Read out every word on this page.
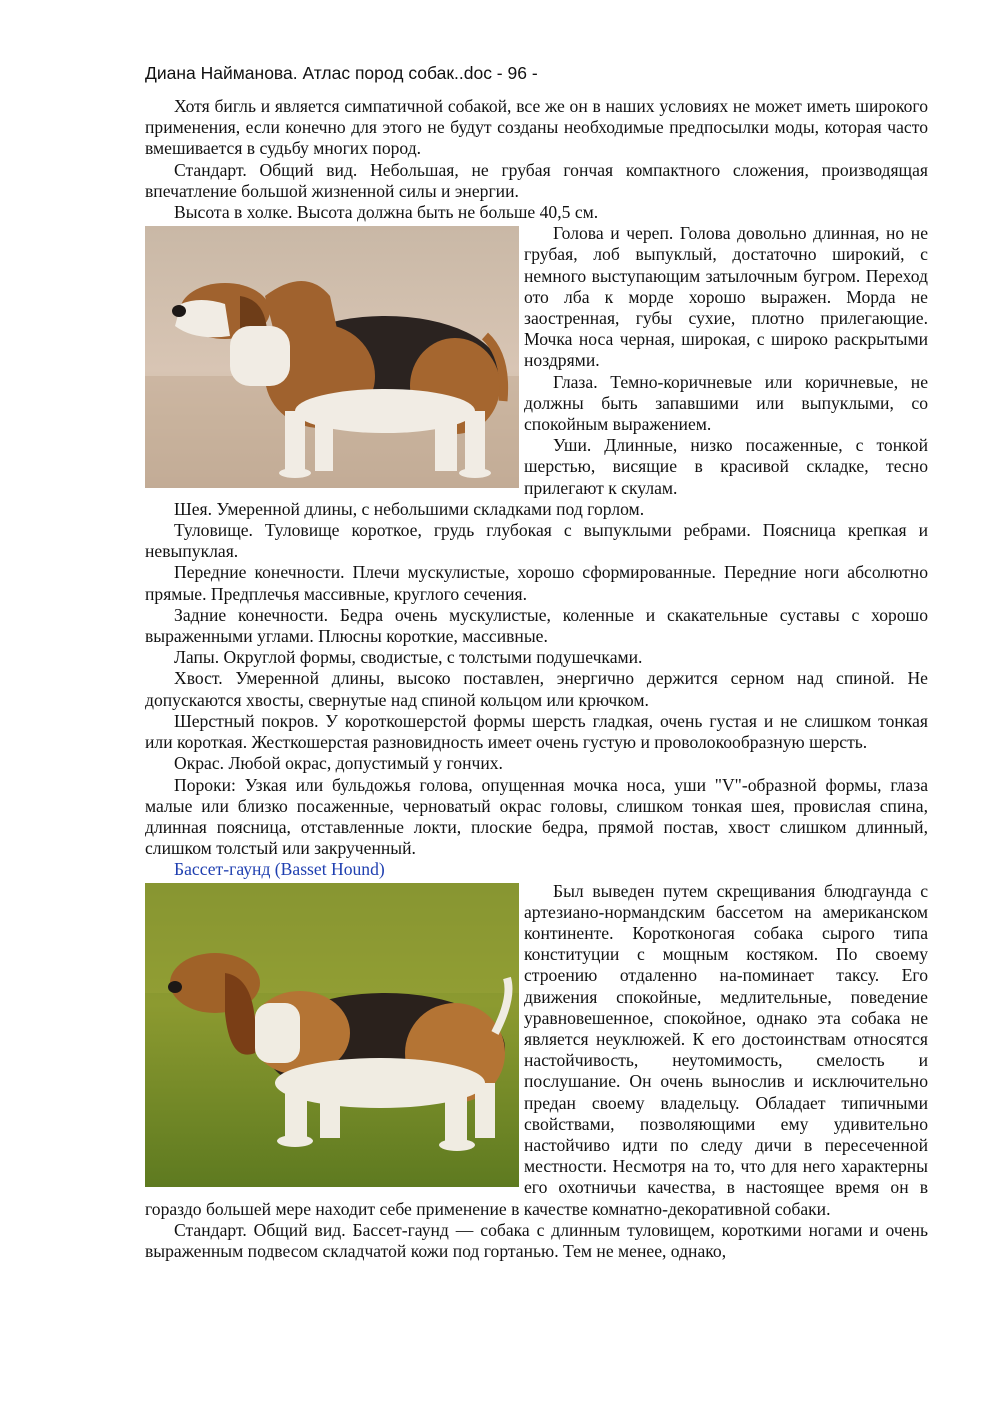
Диана Найманова. Атлас пород собак..doc - 96 -

Хотя бигль и является симпатичной собакой, все же он в наших условиях не может иметь широкого применения, если конечно для этого не будут созданы необходимые предпосылки моды, которая часто вмешивается в судьбу многих пород.

Стандарт. Общий вид. Небольшая, не грубая гончая компактного сложения, производящая впечатление большой жизненной силы и энергии.

Высота в холке. Высота должна быть не больше 40,5 см.

Голова и череп. Голова довольно длинная, но не грубая, лоб выпуклый, достаточно широкий, с немного выступающим затылочным бугром. Переход ото лба к морде хорошо выражен. Морда не заостренная, губы сухие, плотно прилегающие. Мочка носа черная, широкая, с широко раскрытыми ноздрями.

Глаза. Темно-коричневые или коричневые, не должны быть запавшими или выпуклыми, со спокойным выражением.

Уши. Длинные, низко посаженные, с тонкой шерстью, висящие в красивой складке, тесно прилегают к скулам.

Шея. Умеренной длины, с небольшими складками под горлом.

Туловище. Туловище короткое, грудь глубокая с выпуклыми ребрами. Поясница крепкая и невыпуклая.

Передние конечности. Плечи мускулистые, хорошо сформированные. Передние ноги абсолютно прямые. Предплечья массивные, круглого сечения.

Задние конечности. Бедра очень мускулистые, коленные и скакательные суставы с хорошо выраженными углами. Плюсны короткие, массивные.

Лапы. Округлой формы, сводистые, с толстыми подушечками.

Хвост. Умеренной длины, высоко поставлен, энергично держится серном над спиной. Не допускаются хвосты, свернутые над спиной кольцом или крючком.

Шерстный покров. У короткошерстой формы шерсть гладкая, очень густая и не слишком тонкая или короткая. Жесткошерстая разновидность имеет очень густую и проволокообразную шерсть.

Окрас. Любой окрас, допустимый у гончих.

Пороки: Узкая или бульдожья голова, опущенная мочка носа, уши "V"-образной формы, глаза малые или близко посаженные, черноватый окрас головы, слишком тонкая шея, провислая спина, длинная поясница, отставленные локти, плоские бедра, прямой постав, хвост слишком длинный, слишком толстый или закрученный.

Бассет-гаунд (Basset Hound)

Был выведен путем скрещивания блюдгаунда с артезиано-нормандским бассетом на американском континенте. Коротконогая собака сырого типа конституции с мощным костяком. По своему строению отдаленно на-поминает таксу. Его движения спокойные, медлительные, поведение уравновешенное, спокойное, однако эта собака не является неуклюжей. К его достоинствам относятся настойчивость, неутомимость, смелость и послушание. Он очень вынослив и исключительно предан своему владельцу. Обладает типичными свойствами, позволяющими ему удивительно настойчиво идти по следу дичи в пересеченной местности. Несмотря на то, что для него характерны его охотничьи качества, в настоящее время он в гораздо большей мере находит себе применение в качестве комнатно-декоративной собаки.

Стандарт. Общий вид. Бассет-гаунд — собака с длинным туловищем, короткими ногами и очень выраженным подвесом складчатой кожи под гортанью. Тем не менее, однако,
